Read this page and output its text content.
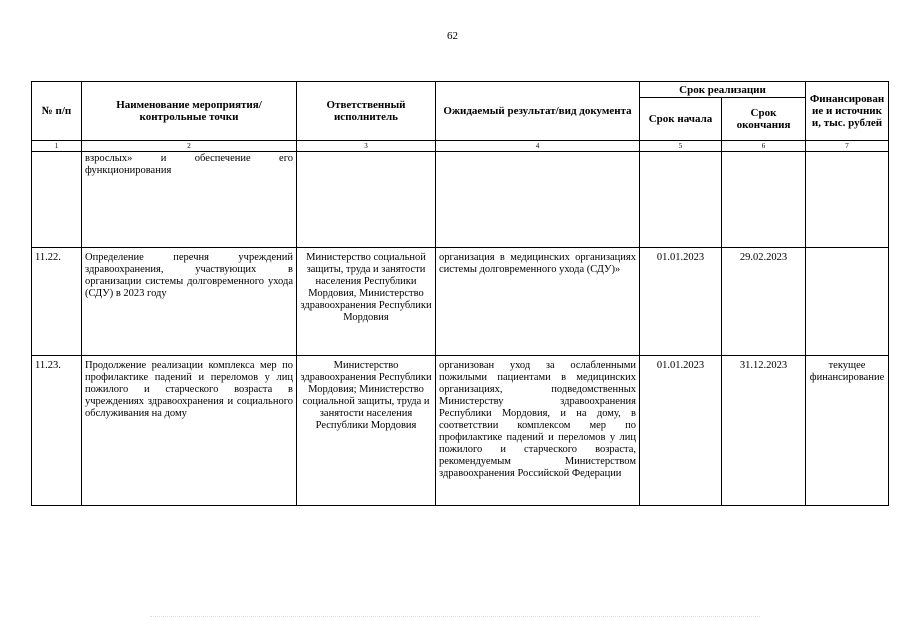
62
№ п/п	Наименование мероприятия/ контрольные точки	Ответственный исполнитель	Ожидаемый результат/вид документа	Срок реализации		Финансирование и источники, тыс. рублей
				Срок начала	Срок окончания	
1	2	3	4	5	6	7
	взрослых» и обеспечение его функционирования					
11.22.	Определение перечня учреждений здравоохранения, участвующих в организации системы долговременного ухода (СДУ) в 2023 году	Министерство социальной защиты, труда и занятости населения Республики Мордовия, Министерство здравоохранения Республики Мордовия	организация в медицинских организациях системы долговременного ухода (СДУ)»	01.01.2023	29.02.2023	
11.23.	Продолжение реализации комплекса мер по профилактике падений и переломов у лиц пожилого и старческого возраста в учреждениях здравоохранения и социального обслуживания на дому	Министерство здравоохранения Республики Мордовия; Министерство социальной защиты, труда и занятости населения Республики Мордовия	организован уход за ослабленными пожилыми пациентами в медицинских организациях, подведомственных Министерству здравоохранения Республики Мордовия, и на дому, в соответствии комплексом мер по профилактике падений и переломов у лиц пожилого и старческого возраста, рекомендуемым Министерством здравоохранения Российской Федерации	01.01.2023	31.12.2023	текущее финансирование
